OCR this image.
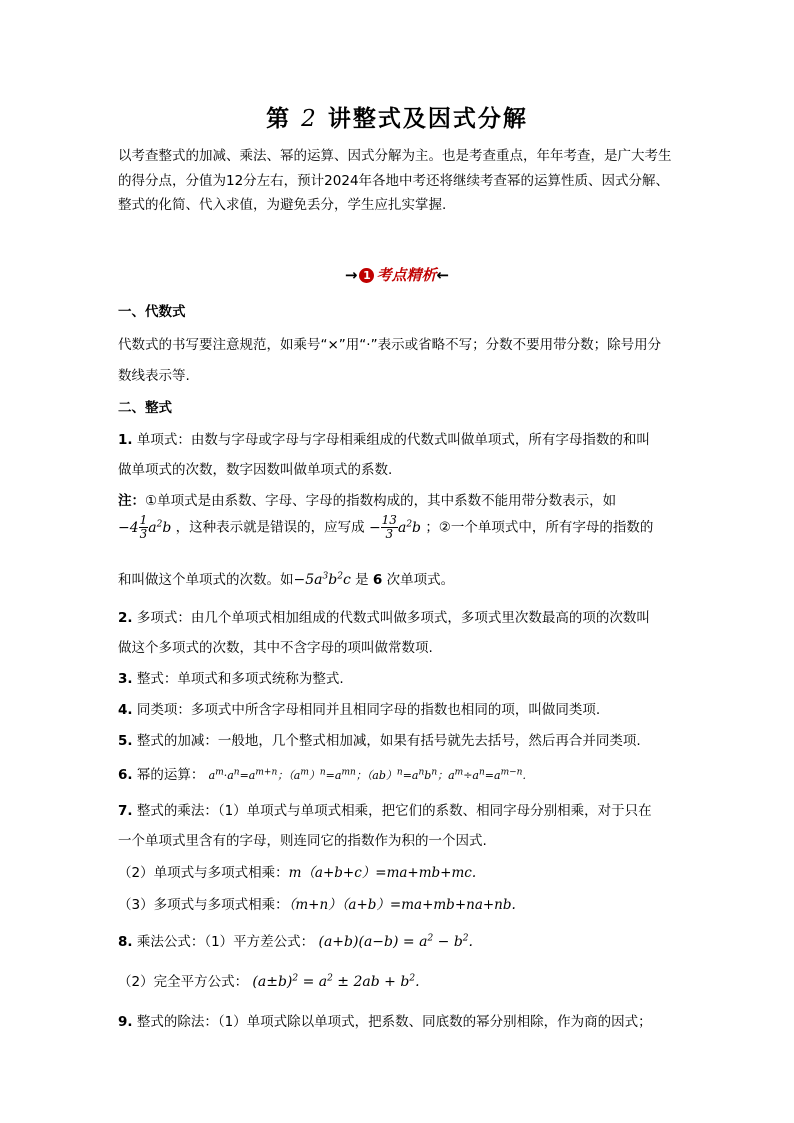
第 2 讲整式及因式分解
以考查整式的加减、乘法、幂的运算、因式分解为主。也是考查重点，年年考查，是广大考生的得分点，分值为12分左右，预计2024年各地中考还将继续考查幂的运算性质、因式分解、整式的化简、代入求值，为避免丢分，学生应扎实掌握.
→ 1 考点精析←
一、代数式
代数式的书写要注意规范，如乘号“×”用“·”表示或省略不写；分数不要用带分数；除号用分
数线表示等.
二、整式
1. 单项式：由数与字母或字母与字母相乘组成的代数式叫做单项式，所有字母指数的和叫
做单项式的次数，数字因数叫做单项式的系数.
注：①单项式是由系数、字母、字母的指数构成的，其中系数不能用带分数表示，如
$-4 \frac{1}{3} a^2b$ ，这种表示就是错误的，应写成 − $\frac{13}{3} a^2b$ ；②一个单项式中，所有字母的指数的
和叫做这个单项式的次数。如$-5a^3b^2c$ 是 6 次单项式。
2. 多项式：由几个单项式相加组成的代数式叫做多项式，多项式里次数最高的项的次数叫
做这个多项式的次数，其中不含字母的项叫做常数项.
3. 整式：单项式和多项式统称为整式.
4. 同类项：多项式中所含字母相同并且相同字母的指数也相同的项，叫做同类项.
5. 整式的加减：一般地，几个整式相加减，如果有括号就先去括号，然后再合并同类项.
6. 幂的运算： $a^m\cdot a^n=a^{m+n}$；$(a^m)^n=a^{mn}$；$(ab)^n=a^nb^n$；$a^m\div a^n=a^{m-n}$.
7. 整式的乘法：（1）单项式与单项式相乘，把它们的系数、相同字母分别相乘，对于只在
一个单项式里含有的字母，则连同它的指数作为积的一个因式.
（2）单项式与多项式相乘：m（a+b+c）=ma+mb+mc.
（3）多项式与多项式相乘：（m+n）（a+b）=ma+mb+na+nb.
8. 乘法公式：（1）平方差公式： $(a+b)(a-b) = a^2 - b^2$.
（2）完全平方公式： $(a\pm b)^2 = a^2 \pm 2ab + b^2$.
9. 整式的除法：（1）单项式除以单项式，把系数、同底数的幂分别相除，作为商的因式；
